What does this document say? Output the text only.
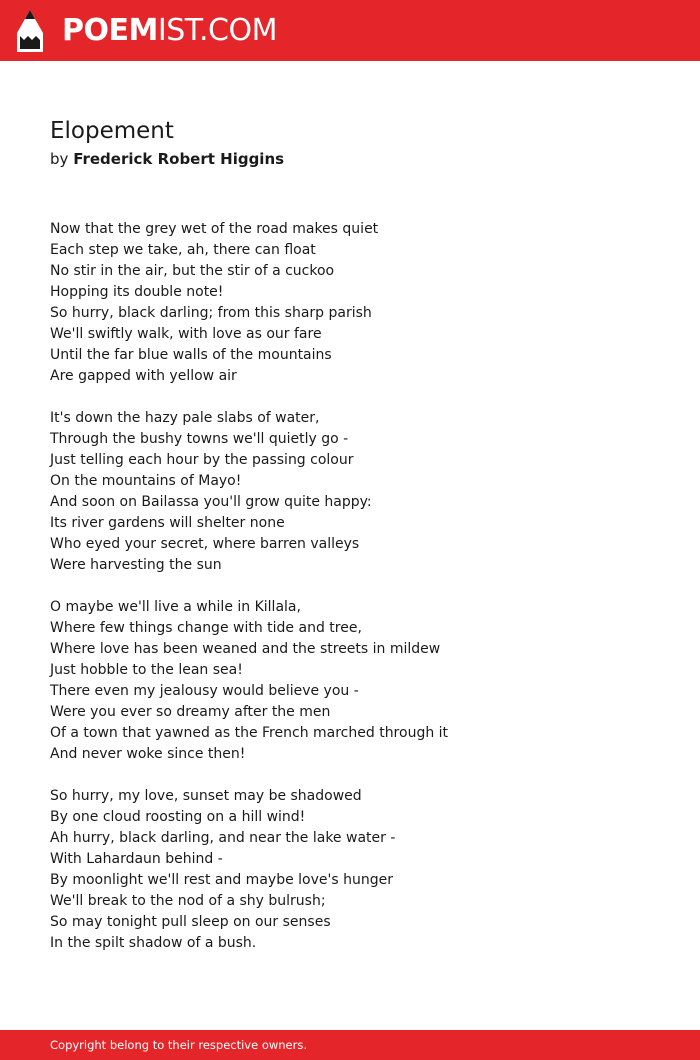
POEMIST.COM
Elopement
by Frederick Robert Higgins
Now that the grey wet of the road makes quiet
Each step we take, ah, there can float
No stir in the air, but the stir of a cuckoo
Hopping its double note!
So hurry, black darling; from this sharp parish
We'll swiftly walk, with love as our fare
Until the far blue walls of the mountains
Are gapped with yellow air
It's down the hazy pale slabs of water,
Through the bushy towns we'll quietly go -
Just telling each hour by the passing colour
On the mountains of Mayo!
And soon on Bailassa you'll grow quite happy:
Its river gardens will shelter none
Who eyed your secret, where barren valleys
Were harvesting the sun
O maybe we'll live a while in Killala,
Where few things change with tide and tree,
Where love has been weaned and the streets in mildew
Just hobble to the lean sea!
There even my jealousy would believe you -
Were you ever so dreamy after the men
Of a town that yawned as the French marched through it
And never woke since then!
So hurry, my love, sunset may be shadowed
By one cloud roosting on a hill wind!
Ah hurry, black darling, and near the lake water -
With Lahardaun behind -
By moonlight we'll rest and maybe love's hunger
We'll break to the nod of a shy bulrush;
So may tonight pull sleep on our senses
In the spilt shadow of a bush.
Copyright belong to their respective owners.
